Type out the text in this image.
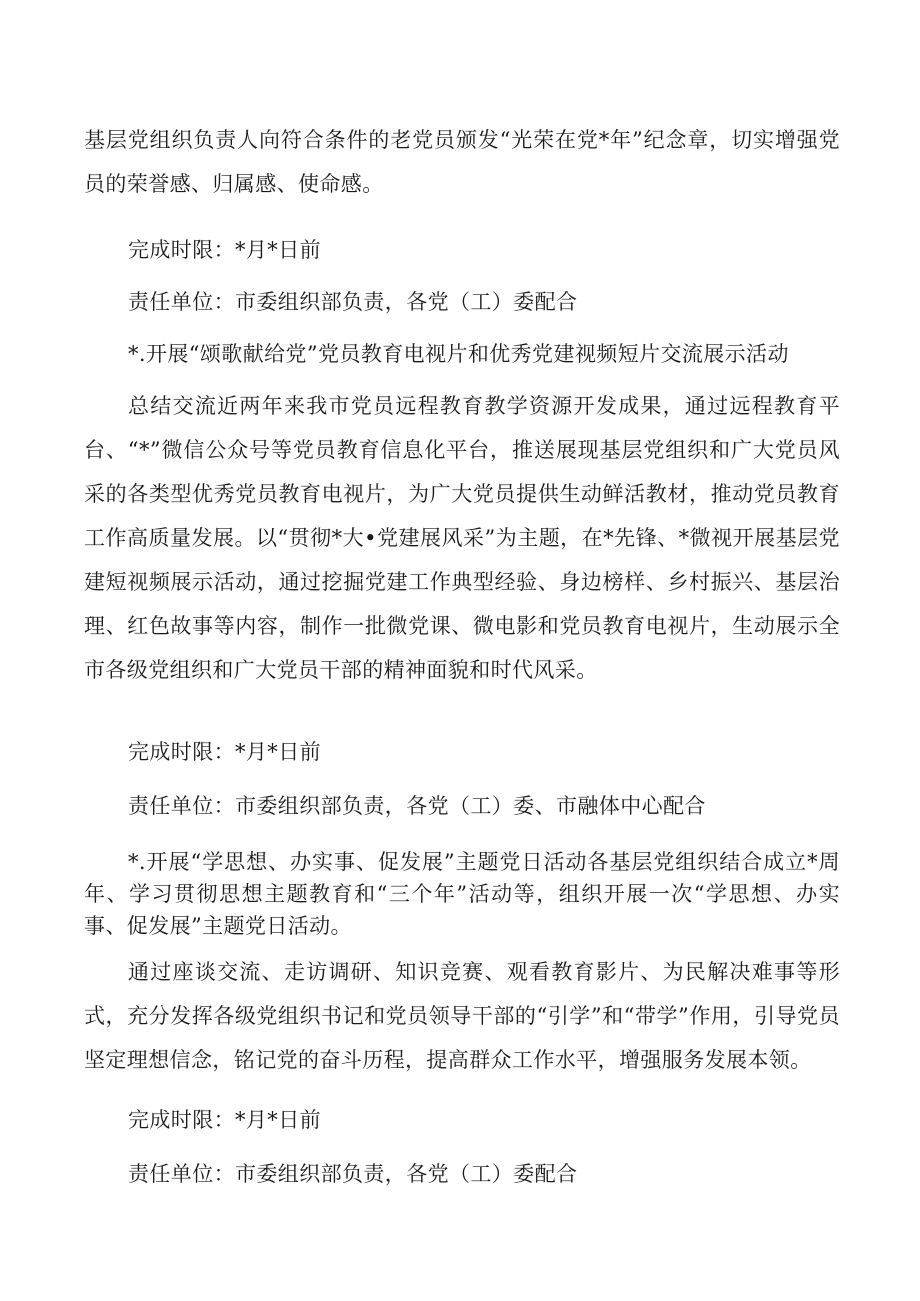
基层党组织负责人向符合条件的老党员颁发“光荣在党*年”纪念章，切实增强党员的荣誉感、归属感、使命感。

完成时限：*月*日前

责任单位：市委组织部负责，各党（工）委配合

*.开展“颂歌献给党”党员教育电视片和优秀党建视频短片交流展示活动

总结交流近两年来我市党员远程教育教学资源开发成果，通过远程教育平台、“*”微信公众号等党员教育信息化平台，推送展现基层党组织和广大党员风采的各类型优秀党员教育电视片，为广大党员提供生动鲜活教材，推动党员教育工作高质量发展。以“贯彻*大•党建展风采”为主题，在*先锋、*微视开展基层党建短视频展示活动，通过挖掘党建工作典型经验、身边榜样、乡村振兴、基层治理、红色故事等内容，制作一批微党课、微电影和党员教育电视片，生动展示全市各级党组织和广大党员干部的精神面貌和时代风采。

完成时限：*月*日前

责任单位：市委组织部负责，各党（工）委、市融体中心配合

*.开展“学思想、办实事、促发展”主题党日活动各基层党组织结合成立*周年、学习贯彻思想主题教育和“三个年”活动等，组织开展一次“学思想、办实事、促发展”主题党日活动。

通过座谈交流、走访调研、知识竞赛、观看教育影片、为民解决难事等形式，充分发挥各级党组织书记和党员领导干部的“引学”和“带学”作用，引导党员坚定理想信念，铭记党的奋斗历程，提高群众工作水平，增强服务发展本领。

完成时限：*月*日前

责任单位：市委组织部负责，各党（工）委配合
